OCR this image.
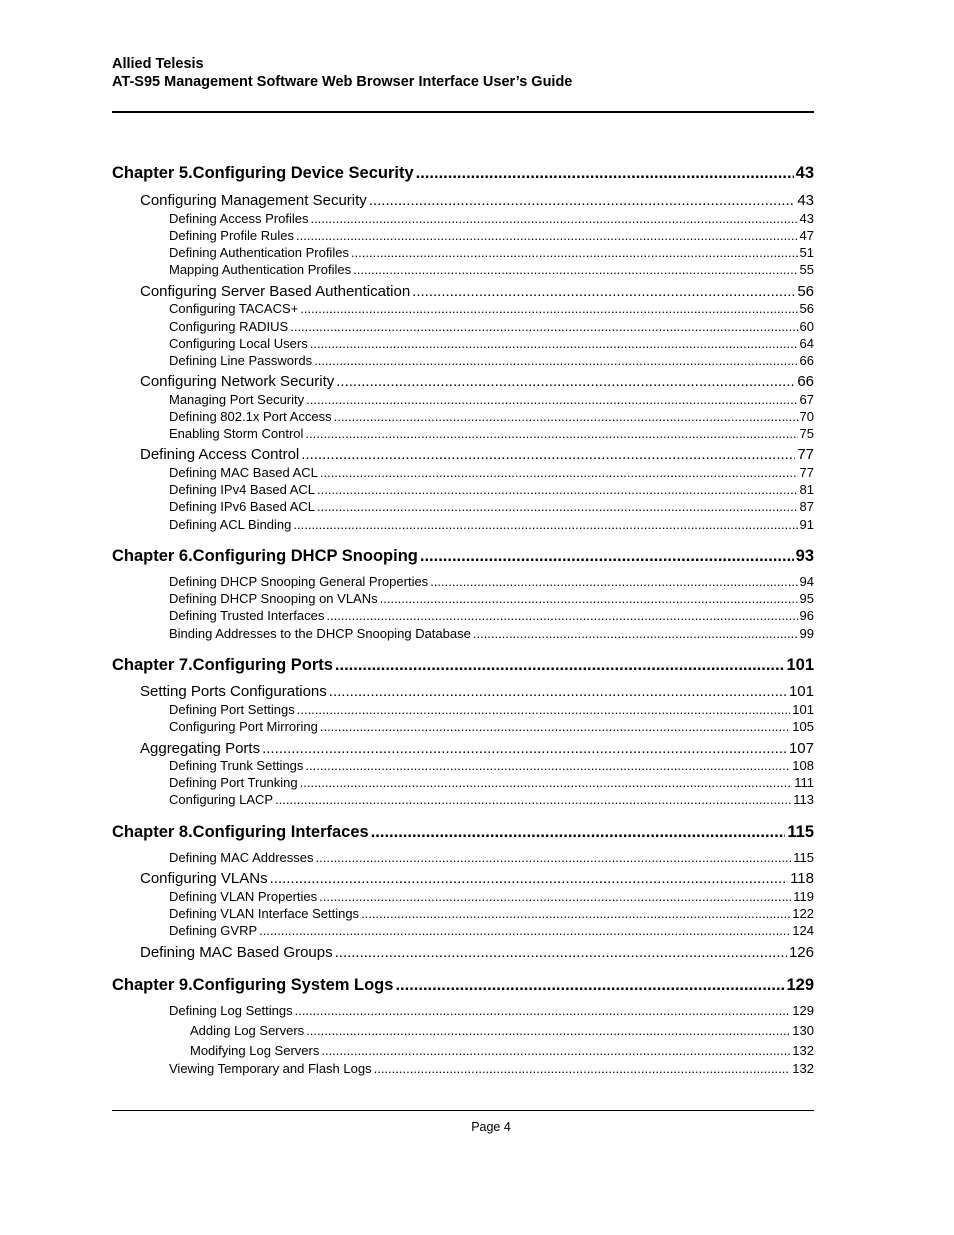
Allied Telesis
AT-S95 Management Software Web Browser Interface User’s Guide
Chapter 5.Configuring Device Security .....	43
Configuring Management Security .....	43
Defining Access Profiles .....	43
Defining Profile Rules .....	47
Defining Authentication Profiles .....	51
Mapping Authentication Profiles .....	55
Configuring Server Based Authentication .....	56
Configuring TACACS+ .....	56
Configuring RADIUS .....	60
Configuring Local Users .....	64
Defining Line Passwords .....	66
Configuring Network Security .....	66
Managing Port Security .....	67
Defining 802.1x Port Access .....	70
Enabling Storm Control .....	75
Defining Access Control .....	77
Defining MAC Based ACL .....	77
Defining IPv4 Based ACL .....	81
Defining IPv6 Based ACL .....	87
Defining ACL Binding .....	91
Chapter 6.Configuring DHCP Snooping .....	93
Defining DHCP Snooping General Properties .....	94
Defining DHCP Snooping on VLANs .....	95
Defining Trusted Interfaces .....	96
Binding Addresses to the DHCP Snooping Database .....	99
Chapter 7.Configuring Ports .....	101
Setting Ports Configurations .....	101
Defining Port Settings .....	101
Configuring Port Mirroring .....	105
Aggregating Ports .....	107
Defining Trunk Settings .....	108
Defining Port Trunking .....	111
Configuring LACP .....	113
Chapter 8.Configuring Interfaces .....	115
Defining MAC Addresses .....	115
Configuring VLANs .....	118
Defining VLAN Properties .....	119
Defining VLAN Interface Settings .....	122
Defining GVRP .....	124
Defining MAC Based Groups .....	126
Chapter 9.Configuring System Logs .....	129
Defining Log Settings .....	129
Adding Log Servers .....	130
Modifying Log Servers .....	132
Viewing Temporary and Flash Logs .....	132
Page 4
